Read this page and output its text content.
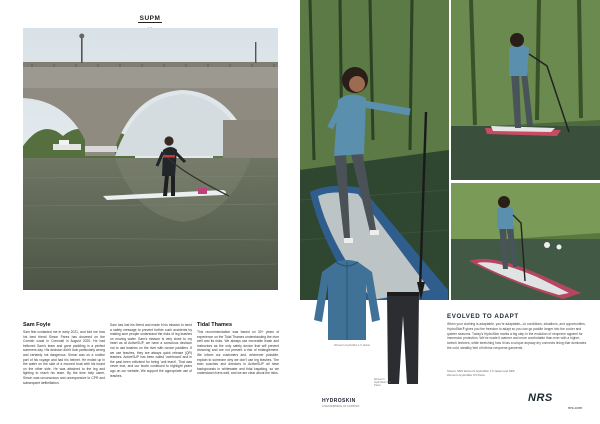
SUPM
Sam Foyle

Sam first contacted me in early 2021, and told me how his best friend Simon Pares has drowned on the Cornish coast in Cornwall in August 2020. He had believed Sam's team and gone paddling in a perfect summers day. His decision didn't look particularly wrong and certainly not dangerous. Simon was on a routine part of his voyage and had his helmet. He ended up in the water on the side of a moored boat with his board on the other side. He was attached to the leg and fighting to reach his team. By the time help came, Simon was unconscious and unresponsive to CPR and subsequent defibrillation.

Sam has lost his friend and made it his mission to send a safety message to prevent further such accidents by making sure people understand the risks of leg leashes on moving water. Sam's mission is very close to my heart as at ActiveSUP, we have a conscious decision not to use leashes on the river with novice paddlers. If we use leashes, they are always quick release (QR) leashes. ActiveSUP has been called 'overboard' and in the past been criticised for being 'anti leash'. That was never true, and our booth continued to highlight years ago on our website. We support the appropriate use of leashes.

Tidal Thames

This recommendation was based on 30+ years of experience on the Tidal Thames understanding the river well and its risks. We always use moveable leash and instructors as the only safety device that will prevent drowning and are not present a risk of entanglement. We inform our customers and, whenever possible, explain to someone why we don't use leg leashes. The train coaches and directors in ActiveSUP all have backgrounds in whitewater and tidal kayaking, so we understand rivers well, and we are clear about the risks.

Women's HydroSkin 1.5 Jacket
Women's HydroSkin 0.5 Pants
HYDROSKIN
A MASTERPIECE OF COMFORT
EVOLVED TO ADAPT
When your clothing is adaptable, you're adaptable—to conditions, situations, and opportunities. HydroSkin® gives you the freedom to adapt so you can go paddle longer into the cooler and quieter seasons. Today's HydroSkin marks a big step in the evolution of neoprene apparel for immersion protection. We've made it warmer and more comfortable than ever with a higher-stretch textures, while stretching how it has a unique anyway dry connects lining that dominates the cold, stealthy feel of inferior neoprene garments.
Shown: NRS Women's HydroSkin 1.5 Jacket and NRS Women's HydroSkin 0.5 Pants
NRS
nrs.com
